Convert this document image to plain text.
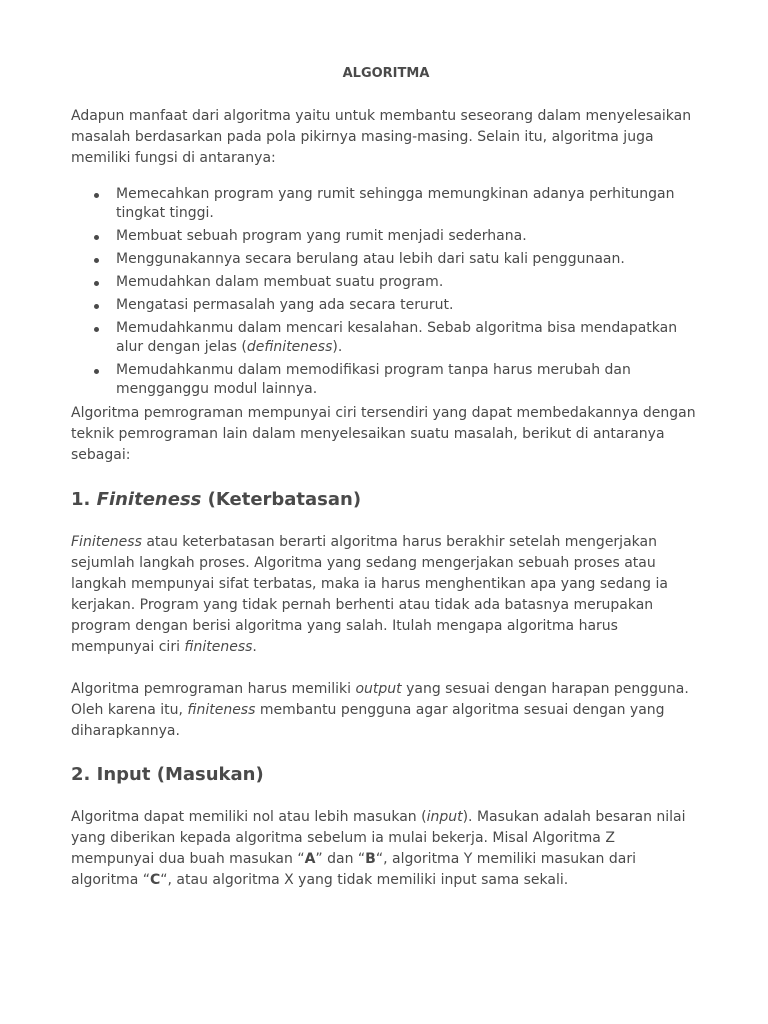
ALGORITMA

Adapun manfaat dari algoritma yaitu untuk membantu seseorang dalam menyelesaikan masalah berdasarkan pada pola pikirnya masing-masing. Selain itu, algoritma juga memiliki fungsi di antaranya:

Memecahkan program yang rumit sehingga memungkinan adanya perhitungan tingkat tinggi.
Membuat sebuah program yang rumit menjadi sederhana.
Menggunakannya secara berulang atau lebih dari satu kali penggunaan.
Memudahkan dalam membuat suatu program.
Mengatasi permasalah yang ada secara terurut.
Memudahkanmu dalam mencari kesalahan. Sebab algoritma bisa mendapatkan alur dengan jelas (definiteness).
Memudahkanmu dalam memodifikasi program tanpa harus merubah dan mengganggu modul lainnya.

Algoritma pemrograman mempunyai ciri tersendiri yang dapat membedakannya dengan teknik pemrograman lain dalam menyelesaikan suatu masalah, berikut di antaranya sebagai:

1. Finiteness (Keterbatasan)

Finiteness atau keterbatasan berarti algoritma harus berakhir setelah mengerjakan sejumlah langkah proses. Algoritma yang sedang mengerjakan sebuah proses atau langkah mempunyai sifat terbatas, maka ia harus menghentikan apa yang sedang ia kerjakan. Program yang tidak pernah berhenti atau tidak ada batasnya merupakan program dengan berisi algoritma yang salah. Itulah mengapa algoritma harus mempunyai ciri finiteness.

Algoritma pemrograman harus memiliki output yang sesuai dengan harapan pengguna. Oleh karena itu, finiteness membantu pengguna agar algoritma sesuai dengan yang diharapkannya.

2. Input (Masukan)

Algoritma dapat memiliki nol atau lebih masukan (input). Masukan adalah besaran nilai yang diberikan kepada algoritma sebelum ia mulai bekerja. Misal Algoritma Z mempunyai dua buah masukan “A” dan “B“, algoritma Y memiliki masukan dari algoritma “C“, atau algoritma X yang tidak memiliki input sama sekali.
